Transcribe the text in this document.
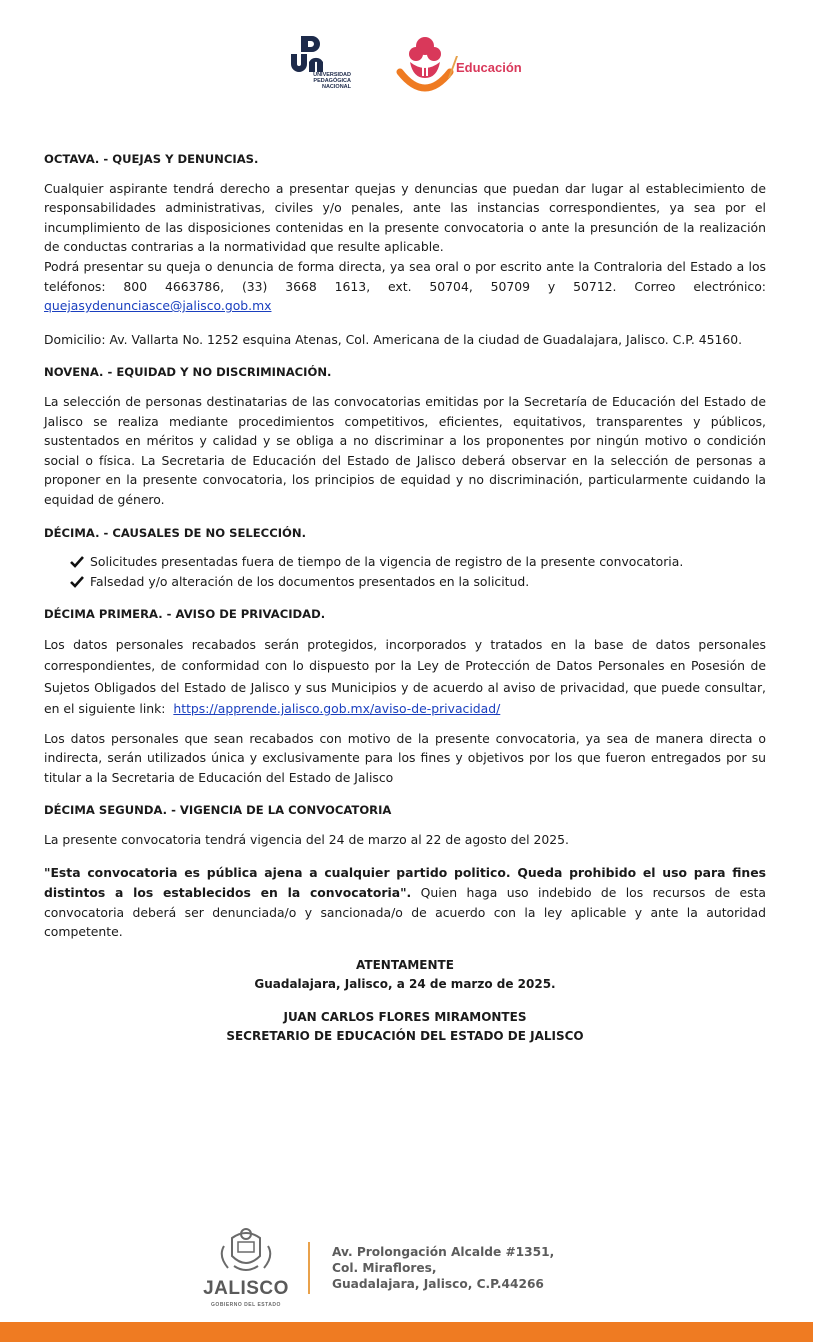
UNIVERSIDAD
PEDAGÓGICA
NACIONAL
Educación

OCTAVA. - QUEJAS Y DENUNCIAS.

Cualquier aspirante tendrá derecho a presentar quejas y denuncias que puedan dar lugar al establecimiento de responsabilidades administrativas, civiles y/o penales, ante las instancias correspondientes, ya sea por el incumplimiento de las disposiciones contenidas en la presente convocatoria o ante la presunción de la realización de conductas contrarias a la normatividad que resulte aplicable.

Podrá presentar su queja o denuncia de forma directa, ya sea oral o por escrito ante la Contraloria del Estado a los teléfonos: 800 4663786, (33) 3668 1613, ext. 50704, 50709 y 50712. Correo electrónico: quejasydenunciasce@jalisco.gob.mx

Domicilio: Av. Vallarta No. 1252 esquina Atenas, Col. Americana de la ciudad de Guadalajara, Jalisco. C.P. 45160.

NOVENA. - EQUIDAD Y NO DISCRIMINACIÓN.

La selección de personas destinatarias de las convocatorias emitidas por la Secretaría de Educación del Estado de Jalisco se realiza mediante procedimientos competitivos, eficientes, equitativos, transparentes y públicos, sustentados en méritos y calidad y se obliga a no discriminar a los proponentes por ningún motivo o condición social o física. La Secretaria de Educación del Estado de Jalisco deberá observar en la selección de personas a proponer en la presente convocatoria, los principios de equidad y no discriminación, particularmente cuidando la equidad de género.

DÉCIMA. - CAUSALES DE NO SELECCIÓN.

Solicitudes presentadas fuera de tiempo de la vigencia de registro de la presente convocatoria.
Falsedad y/o alteración de los documentos presentados en la solicitud.

DÉCIMA PRIMERA. - AVISO DE PRIVACIDAD.

Los datos personales recabados serán protegidos, incorporados y tratados en la base de datos personales correspondientes, de conformidad con lo dispuesto por la Ley de Protección de Datos Personales en Posesión de Sujetos Obligados del Estado de Jalisco y sus Municipios y de acuerdo al aviso de privacidad, que puede consultar, en el siguiente link: https://apprende.jalisco.gob.mx/aviso-de-privacidad/

Los datos personales que sean recabados con motivo de la presente convocatoria, ya sea de manera directa o indirecta, serán utilizados única y exclusivamente para los fines y objetivos por los que fueron entregados por su titular a la Secretaria de Educación del Estado de Jalisco

DÉCIMA SEGUNDA. - VIGENCIA DE LA CONVOCATORIA

La presente convocatoria tendrá vigencia del 24 de marzo al 22 de agosto del 2025.

"Esta convocatoria es pública ajena a cualquier partido politico. Queda prohibido el uso para fines distintos a los establecidos en la convocatoria". Quien haga uso indebido de los recursos de esta convocatoria deberá ser denunciada/o y sancionada/o de acuerdo con la ley aplicable y ante la autoridad competente.

ATENTAMENTE

Guadalajara, Jalisco, a 24 de marzo de 2025.

JUAN CARLOS FLORES MIRAMONTES

SECRETARIO DE EDUCACIÓN DEL ESTADO DE JALISCO

JALISCO
GOBIERNO DEL ESTADO
Av. Prolongación Alcalde #1351,
Col. Miraflores,
Guadalajara, Jalisco, C.P.44266
